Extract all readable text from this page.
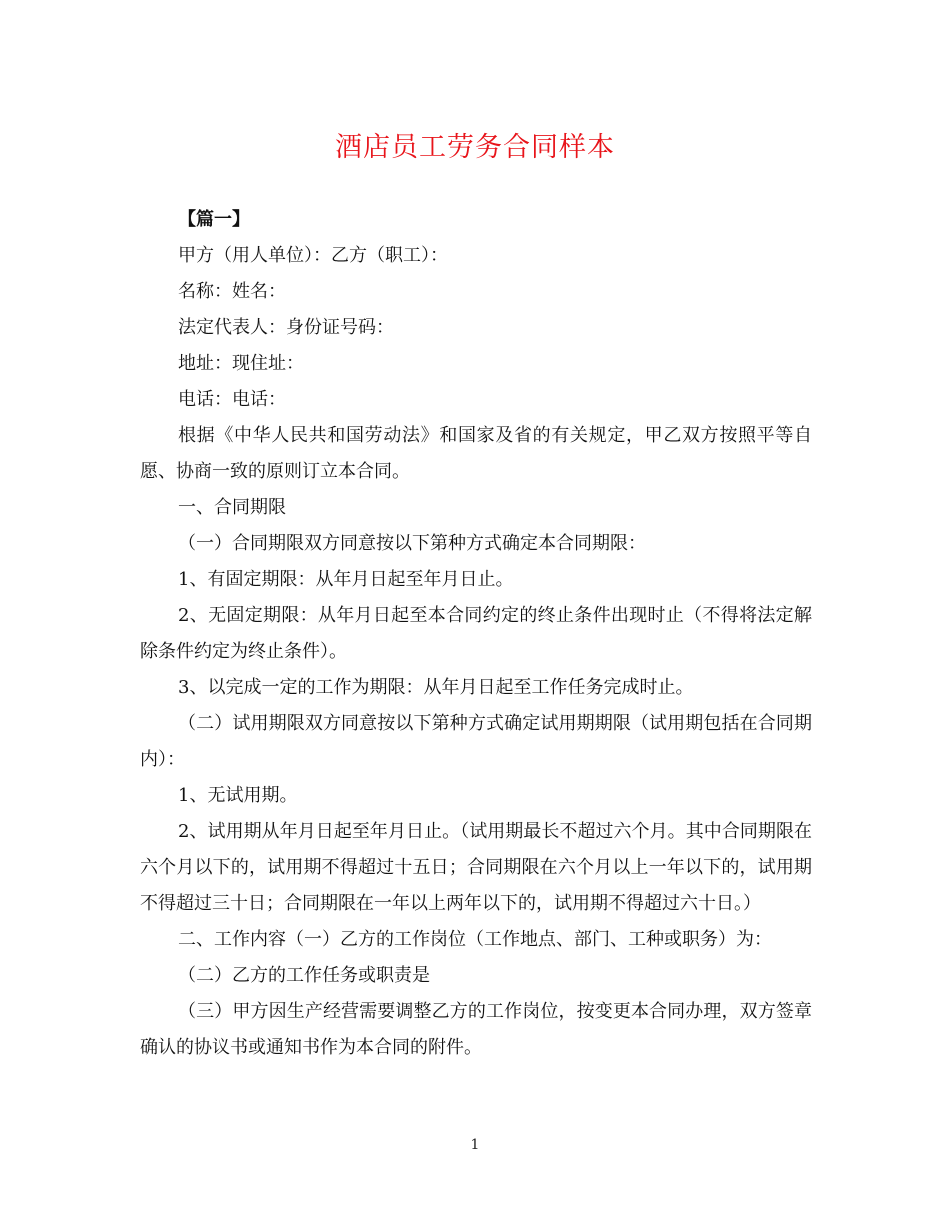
酒店员工劳务合同样本

【篇一】

甲方（用人单位）：乙方（职工）：

名称：姓名：

法定代表人：身份证号码：

地址：现住址：

电话：电话：

根据《中华人民共和国劳动法》和国家及省的有关规定，甲乙双方按照平等自愿、协商一致的原则订立本合同。

一、合同期限

（一）合同期限双方同意按以下第种方式确定本合同期限：

1、有固定期限：从年月日起至年月日止。

2、无固定期限：从年月日起至本合同约定的终止条件出现时止（不得将法定解除条件约定为终止条件）。

3、以完成一定的工作为期限：从年月日起至工作任务完成时止。

（二）试用期限双方同意按以下第种方式确定试用期期限（试用期包括在合同期内）：

1、无试用期。

2、试用期从年月日起至年月日止。（试用期最长不超过六个月。其中合同期限在六个月以下的，试用期不得超过十五日；合同期限在六个月以上一年以下的，试用期不得超过三十日；合同期限在一年以上两年以下的，试用期不得超过六十日。）

二、工作内容（一）乙方的工作岗位（工作地点、部门、工种或职务）为：

（二）乙方的工作任务或职责是

（三）甲方因生产经营需要调整乙方的工作岗位，按变更本合同办理，双方签章确认的协议书或通知书作为本合同的附件。

1
